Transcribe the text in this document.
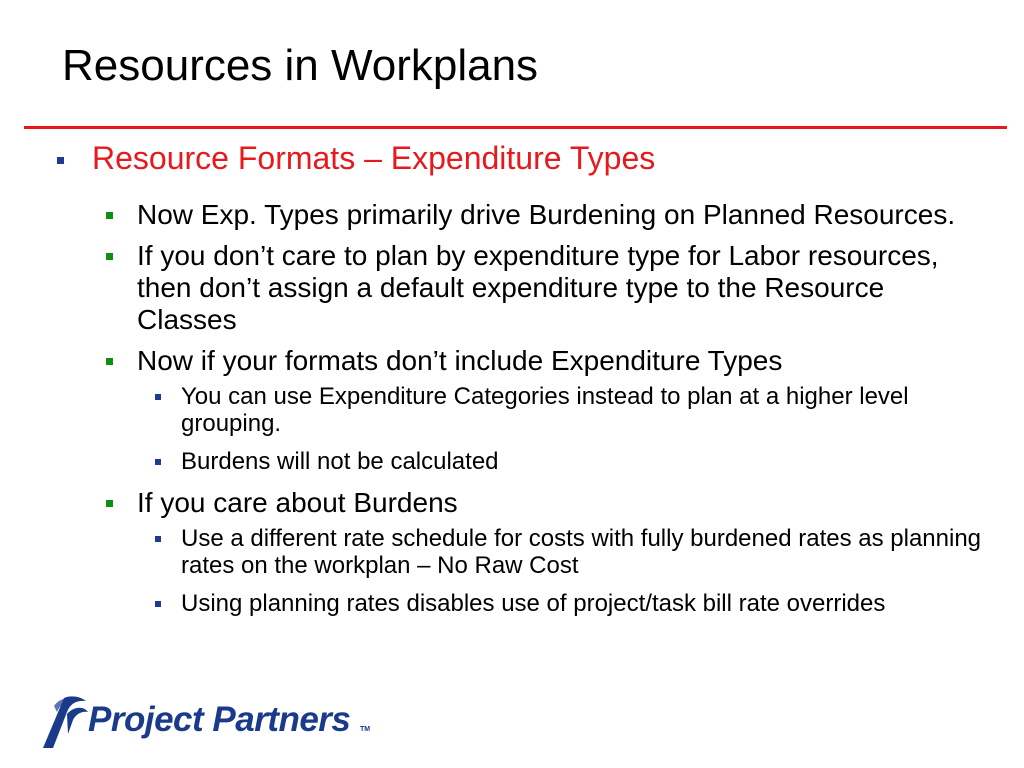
Resources in Workplans
Resource Formats – Expenditure Types
Now Exp. Types primarily drive Burdening on Planned Resources.
If you don’t care to plan by expenditure type for Labor resources, then don’t assign a default expenditure type to the Resource Classes
Now if your formats don’t include Expenditure Types
You can use Expenditure Categories instead to plan at a higher level grouping.
Burdens will not be calculated
If you care about Burdens
Use a different rate schedule for costs with fully burdened rates as planning rates on the workplan – No Raw Cost
Using planning rates disables use of project/task bill rate overrides
Project Partners TM
